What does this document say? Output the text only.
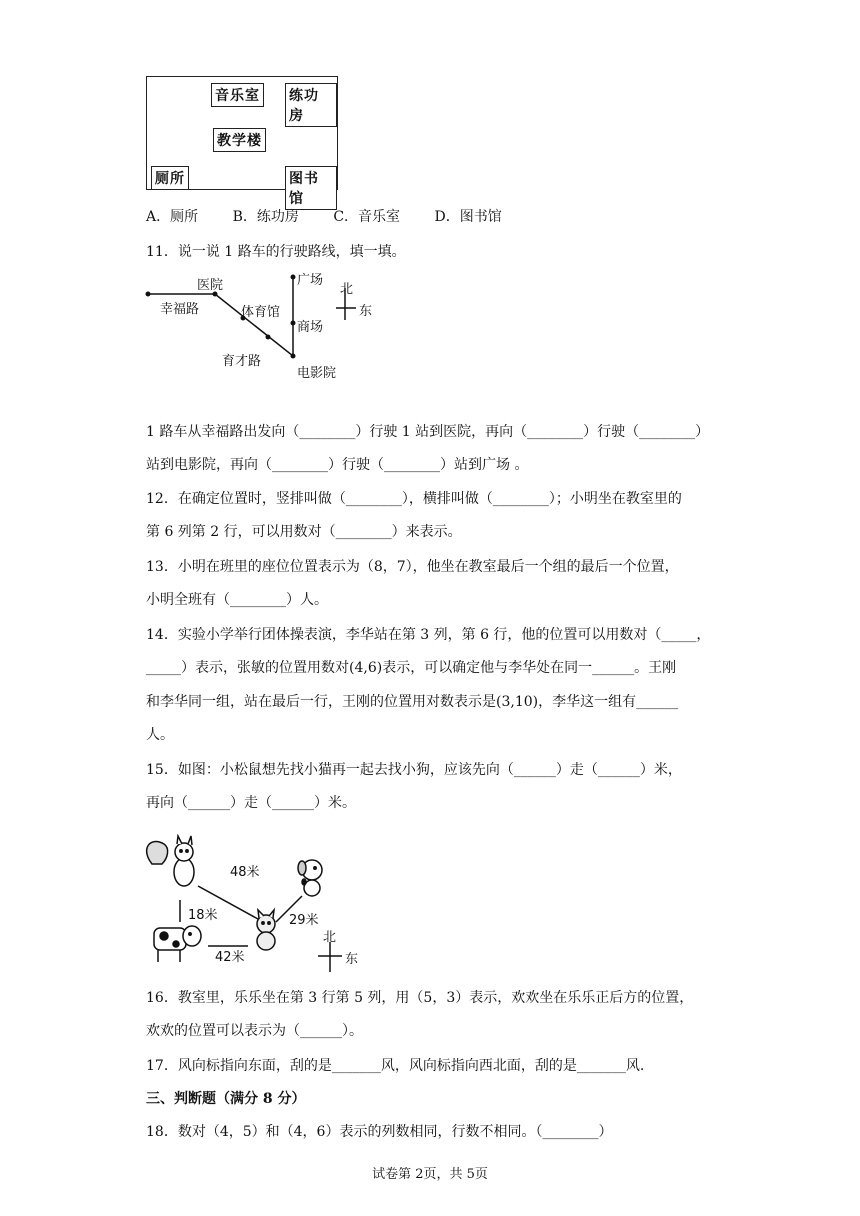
音乐室 练功房
教学楼
厕所	图书馆
A．厕所 B．练功房 C．音乐室 D．图书馆
11．说一说 1 路车的行驶路线，填一填。
幸福路
医院
体育馆
育才路
广场
商场
电影院
北
东
1 路车从幸福路出发向（________）行驶 1 站到医院，再向（________）行驶（________）
站到电影院，再向（________）行驶（________）站到广场 。
12．在确定位置时，竖排叫做（________），横排叫做（________）；小明坐在教室里的
第 6 列第 2 行，可以用数对（________）来表示。
13．小明在班里的座位位置表示为（8，7），他坐在教室最后一个组的最后一个位置，
小明全班有（________）人。
14．实验小学举行团体操表演，李华站在第 3 列，第 6 行，他的位置可以用数对（_____，
_____）表示，张敏的位置用数对(4,6)表示，可以确定他与李华处在同一______。王刚
和李华同一组，站在最后一行，王刚的位置用对数表示是(3,10)，李华这一组有______
人。
15．如图：小松鼠想先找小猫再一起去找小狗，应该先向（______）走（______）米，
再向（______）走（______）米。
48米
18米	29米
42米
北
东
16．教室里，乐乐坐在第 3 行第 5 列，用（5，3）表示，欢欢坐在乐乐正后方的位置，
欢欢的位置可以表示为（______）。
17．风向标指向东面，刮的是_______风，风向标指向西北面，刮的是_______风.
三、判断题（满分 8 分）
18．数对（4，5）和（4，6）表示的列数相同，行数不相同。（________）
试卷第 2页，共 5页
